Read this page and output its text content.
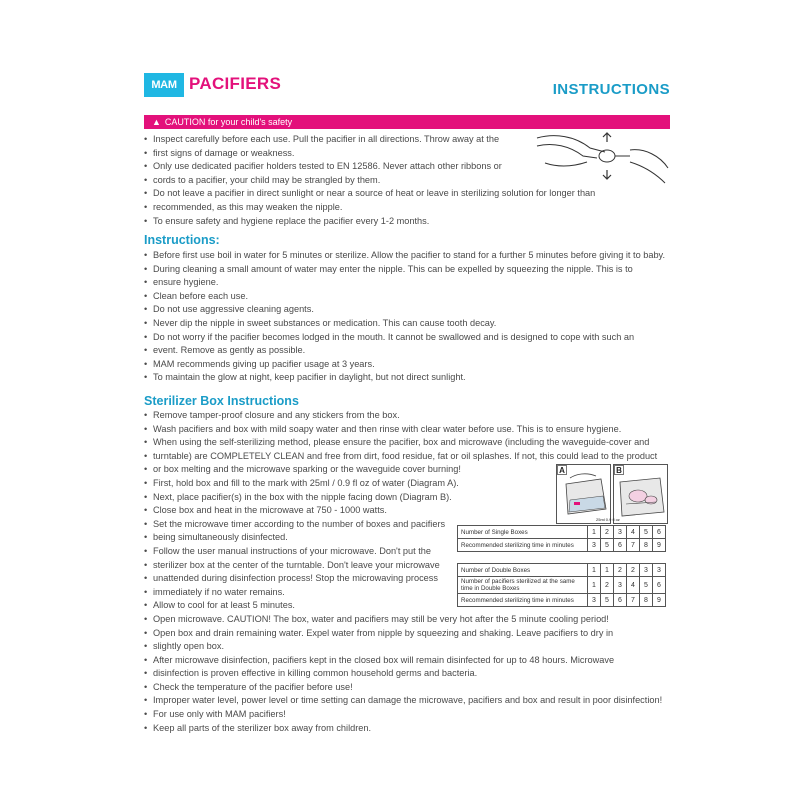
MAM PACIFIERS	INSTRUCTIONS
▲ CAUTION for your child's safety
• Inspect carefully before each use. Pull the pacifier in all directions. Throw away at the
• first signs of damage or weakness.
• Only use dedicated pacifier holders tested to EN 12586. Never attach other ribbons or
• cords to a pacifier, your child may be strangled by them.
• Do not leave a pacifier in direct sunlight or near a source of heat or leave in sterilizing solution for longer than
• recommended, as this may weaken the nipple.
• To ensure safety and hygiene replace the pacifier every 1-2 months.
Instructions:
• Before first use boil in water for 5 minutes or sterilize. Allow the pacifier to stand for a further 5 minutes before giving it to baby.
• During cleaning a small amount of water may enter the nipple. This can be expelled by squeezing the nipple. This is to
• ensure hygiene.
• Clean before each use.
• Do not use aggressive cleaning agents.
• Never dip the nipple in sweet substances or medication. This can cause tooth decay.
• Do not worry if the pacifier becomes lodged in the mouth. It cannot be swallowed and is designed to cope with such an
• event. Remove as gently as possible.
• MAM recommends giving up pacifier usage at 3 years.
• To maintain the glow at night, keep pacifier in daylight, but not direct sunlight.
Sterilizer Box Instructions
• Remove tamper-proof closure and any stickers from the box.
• Wash pacifiers and box with mild soapy water and then rinse with clear water before use. This is to ensure hygiene.
• When using the self-sterilizing method, please ensure the pacifier, box and microwave (including the waveguide-cover and
• turntable) are COMPLETELY CLEAN and free from dirt, food residue, fat or oil splashes. If not, this could lead to the product
• or box melting and the microwave sparking or the waveguide cover burning!
• First, hold box and fill to the mark with 25ml / 0.9 fl oz of water (Diagram A).
• Next, place pacifier(s) in the box with the nipple facing down (Diagram B).
• Close box and heat in the microwave at 750 - 1000 watts.
• Set the microwave timer according to the number of boxes and pacifiers
• being simultaneously disinfected.
• Follow the user manual instructions of your microwave. Don't put the
• sterilizer box at the center of the turntable. Don't leave your microwave
• unattended during disinfection process! Stop the microwaving process
• immediately if no water remains.
• Allow to cool for at least 5 minutes.
• Open microwave. CAUTION! The box, water and pacifiers may still be very hot after the 5 minute cooling period!
• Open box and drain remaining water. Expel water from nipple by squeezing and shaking. Leave pacifiers to dry in
• slightly open box.
• After microwave disinfection, pacifiers kept in the closed box will remain disinfected for up to 48 hours. Microwave
• disinfection is proven effective in killing common household germs and bacteria.
• Check the temperature of the pacifier before use!
• Improper water level, power level or time setting can damage the microwave, pacifiers and box and result in poor disinfection!
• For use only with MAM pacifiers!
• Keep all parts of the sterilizer box away from children.
A	B
25ml 0.9 fl oz
Number of Single Boxes	1	2	3	4	5	6
Recommended sterilizing time in minutes	3	5	6	7	8	9
Number of Double Boxes	1	1	2	2	3	3
Number of pacifiers sterilized at the same time in Double Boxes	1	2	3	4	5	6
Recommended sterilizing time in minutes	3	5	6	7	8	9
